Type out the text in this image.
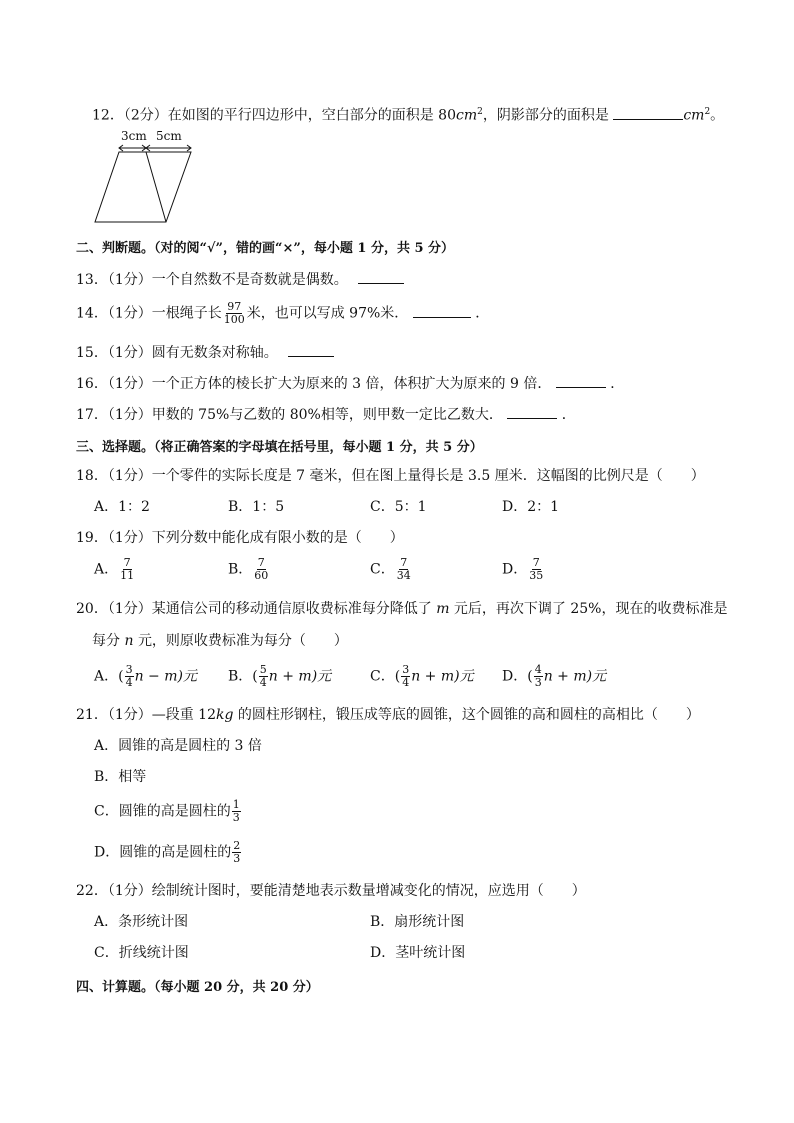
12．（2分）在如图的平行四边形中，空白部分的面积是 $80cm^2$，阴影部分的面积是	$cm^2$。
3cm 5cm
二、判断题。（对的阅“√”，错的画“×”，每小题 1 分，共 5 分）
13．（1分）一个自然数不是奇数就是偶数。
14．（1分）一根绳子长 $\frac{97}{100}$ 米，也可以写成 97%米．	．
15．（1分）圆有无数条对称轴。
16．（1分）一个正方体的棱长扩大为原来的 3 倍，体积扩大为原来的 9 倍．	．
17．（1分）甲数的 75%与乙数的 80%相等，则甲数一定比乙数大．	．
三、选择题。（将正确答案的字母填在括号里，每小题 1 分，共 5 分）
18．（1分）一个零件的实际长度是 7 毫米，但在图上量得长是 3.5 厘米．这幅图的比例尺是（　　）
A．1：2	B．1：5	C．5：1	D．2：1
19．（1分）下列分数中能化成有限小数的是（　　）
A． $\frac{7}{11}$	B． $\frac{7}{60}$	C． $\frac{7}{34}$	D． $\frac{7}{35}$
20．（1分）某通信公司的移动通信原收费标准每分降低了 m 元后，再次下调了 25%，现在的收费标准是
每分 n 元，则原收费标准为每分（　　）
A．( $\frac{3}{4}$ n − m)元 B．( $\frac{5}{4}$ n + m)元	C．( $\frac{3}{4}$ n + m)元 D．( $\frac{4}{3}$ n + m)元
21．（1分）—段重 12kg 的圆柱形钢柱，锻压成等底的圆锥，这个圆锥的高和圆柱的高相比（　　）
A．圆锥的高是圆柱的 3 倍
B．相等
C．圆锥的高是圆柱的 $\frac{1}{3}$
D．圆锥的高是圆柱的 $\frac{2}{3}$
22．（1分）绘制统计图时，要能清楚地表示数量增减变化的情况，应选用（　　）
A．条形统计图	B．扇形统计图
C．折线统计图	D．茎叶统计图
四、计算题。（每小题 20 分，共 20 分）
